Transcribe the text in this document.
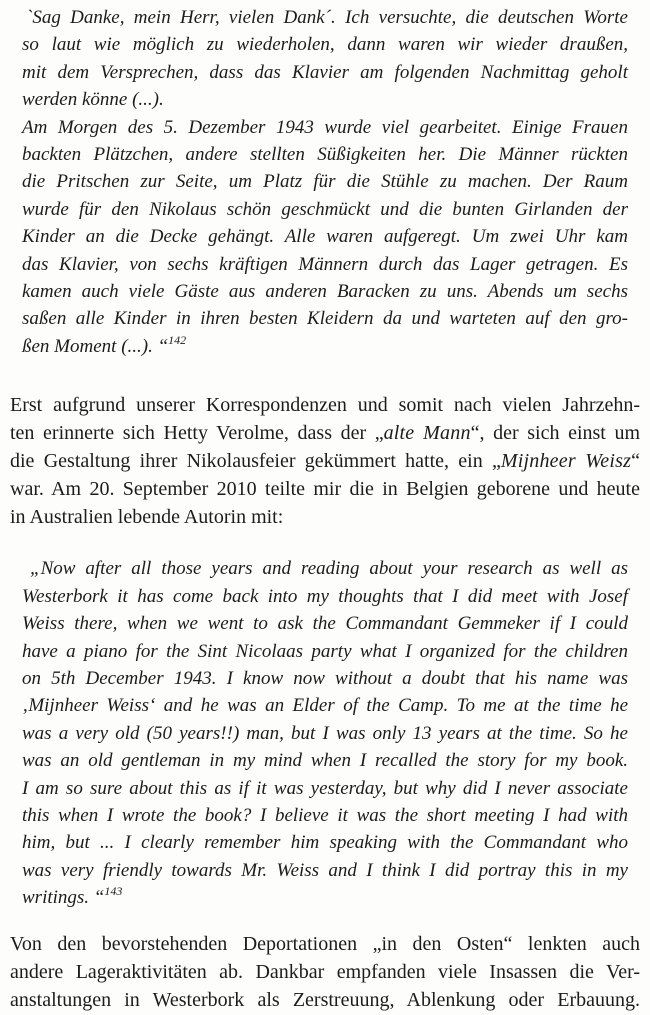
`Sag Danke, mein Herr, vielen Dank´. Ich versuchte, die deutschen Worte
so laut wie möglich zu wiederholen, dann waren wir wieder draußen,
mit dem Versprechen, dass das Klavier am folgenden Nachmittag geholt
werden könne (...).
Am Morgen des 5. Dezember 1943 wurde viel gearbeitet. Einige Frauen
backten Plätzchen, andere stellten Süßigkeiten her. Die Männer rückten
die Pritschen zur Seite, um Platz für die Stühle zu machen. Der Raum
wurde für den Nikolaus schön geschmückt und die bunten Girlanden der
Kinder an die Decke gehängt. Alle waren aufgeregt. Um zwei Uhr kam
das Klavier, von sechs kräftigen Männern durch das Lager getragen. Es
kamen auch viele Gäste aus anderen Baracken zu uns. Abends um sechs
saßen alle Kinder in ihren besten Kleidern da und warteten auf den gro-
ßen Moment (...). “$^{142}$
Erst aufgrund unserer Korrespondenzen und somit nach vielen Jahrzehn-
ten erinnerte sich Hetty Verolme, dass der „alte Mann“, der sich einst um
die Gestaltung ihrer Nikolausfeier gekümmert hatte, ein „Mijnheer Weisz“
war. Am 20. September 2010 teilte mir die in Belgien geborene und heute
in Australien lebende Autorin mit:
„Now after all those years and reading about your research as well as
Westerbork it has come back into my thoughts that I did meet with Josef
Weiss there, when we went to ask the Commandant Gemmeker if I could
have a piano for the Sint Nicolaas party what I organized for the children
on 5th December 1943. I know now without a doubt that his name was
‚Mijnheer Weiss‘ and he was an Elder of the Camp. To me at the time he
was a very old (50 years!!) man, but I was only 13 years at the time. So he
was an old gentleman in my mind when I recalled the story for my book.
I am so sure about this as if it was yesterday, but why did I never associate
this when I wrote the book? I believe it was the short meeting I had with
him, but ... I clearly remember him speaking with the Commandant who
was very friendly towards Mr. Weiss and I think I did portray this in my
writings. “$^{143}$
Von den bevorstehenden Deportationen „in den Osten“ lenkten auch
andere Lageraktivitäten ab. Dankbar empfanden viele Insassen die Ver-
anstaltungen in Westerbork als Zerstreuung, Ablenkung oder Erbauung.
